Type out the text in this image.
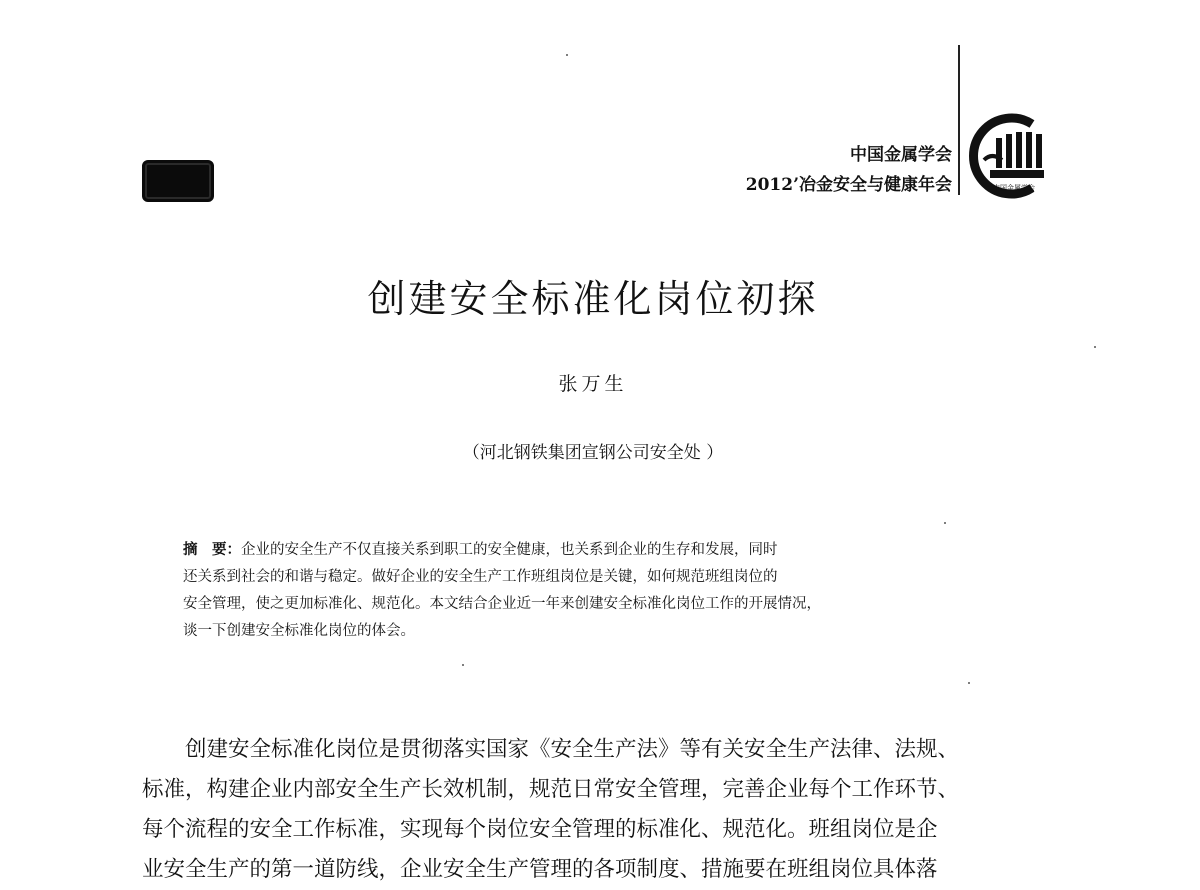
中国金属学会
2012’冶金安全与健康年会	中国金属学会
创建安全标准化岗位初探
张万生
（河北钢铁集团宣钢公司安全处 ）
摘　要：企业的安全生产不仅直接关系到职工的安全健康，也关系到企业的生存和发展，同时
还关系到社会的和谐与稳定。做好企业的安全生产工作班组岗位是关键，如何规范班组岗位的
安全管理，使之更加标准化、规范化。本文结合企业近一年来创建安全标准化岗位工作的开展情况，
谈一下创建安全标准化岗位的体会。
创建安全标准化岗位是贯彻落实国家《安全生产法》等有关安全生产法律、法规、
标准，构建企业内部安全生产长效机制，规范日常安全管理，完善企业每个工作环节、
每个流程的安全工作标准，实现每个岗位安全管理的标准化、规范化。班组岗位是企
业安全生产的第一道防线，企业安全生产管理的各项制度、措施要在班组岗位具体落
